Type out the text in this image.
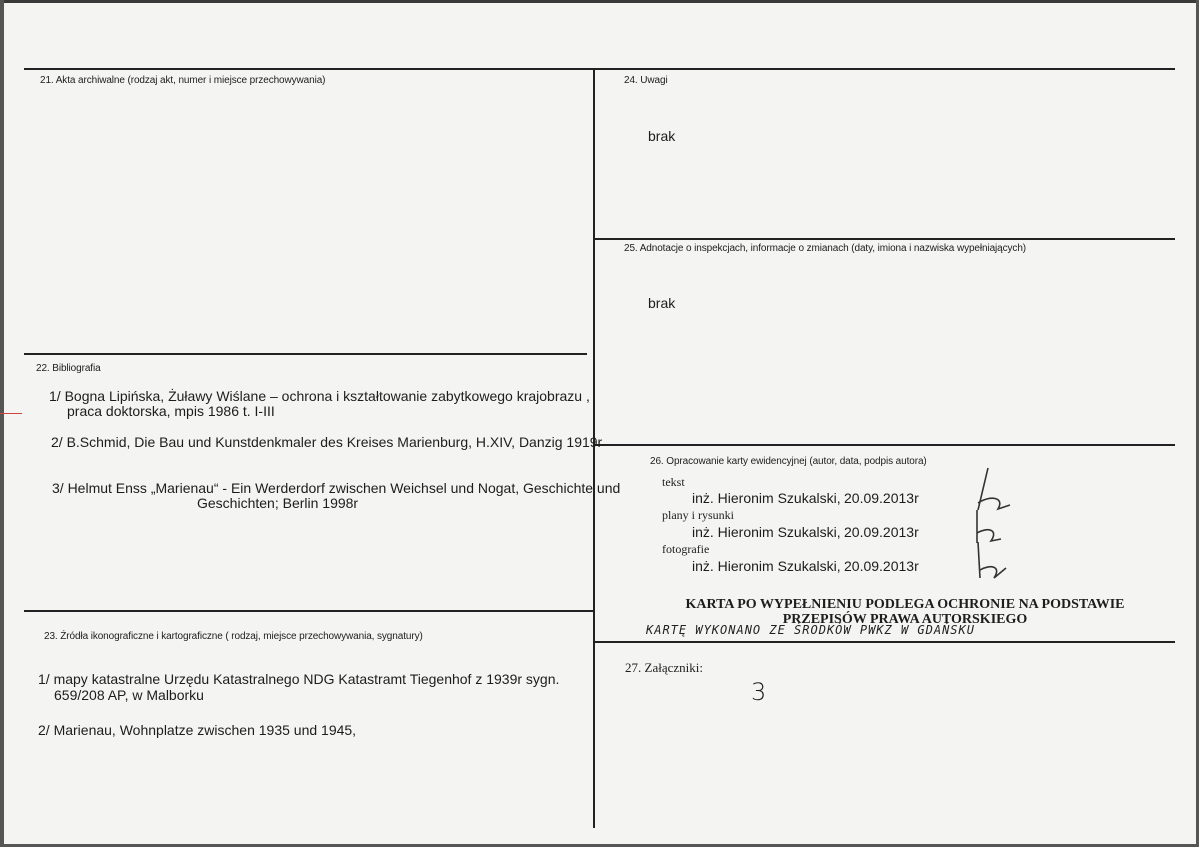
21. Akta archiwalne (rodzaj akt, numer i miejsce przechowywania)
22. Bibliografia
1/ Bogna Lipińska, Żuławy Wiślane – ochrona i kształtowanie zabytkowego krajobrazu ,
praca doktorska, mpis 1986 t. I-III
2/ B.Schmid, Die Bau und Kunstdenkmaler des Kreises Marienburg, H.XIV, Danzig 1919r
3/ Helmut Enss „Marienau“ - Ein Werderdorf zwischen Weichsel und Nogat, Geschichte und
Geschichten; Berlin 1998r
23. Źródła ikonograficzne i kartograficzne ( rodzaj, miejsce przechowywania, sygnatury)
1/ mapy katastralne Urzędu Katastralnego NDG Katastramt Tiegenhof z 1939r sygn.
659/208 AP, w Malborku
2/ Marienau, Wohnplatze zwischen 1935 und 1945,
24. Uwagi
brak
25. Adnotacje o inspekcjach, informacje o zmianach (daty, imiona i nazwiska wypełniających)
brak
26. Opracowanie karty ewidencyjnej (autor, data, podpis autora)
tekst
inż. Hieronim Szukalski, 20.09.2013r
plany i rysunki
inż. Hieronim Szukalski, 20.09.2013r
fotografie
inż. Hieronim Szukalski, 20.09.2013r
KARTA PO WYPEŁNIENIU PODLEGA OCHRONIE NA PODSTAWIE
PRZEPISÓW PRAWA AUTORSKIEGO
KARTĘ WYKONANO ZE ŚRODKÓW PWKZ W GDAŃSKU
27. Załączniki:
3
